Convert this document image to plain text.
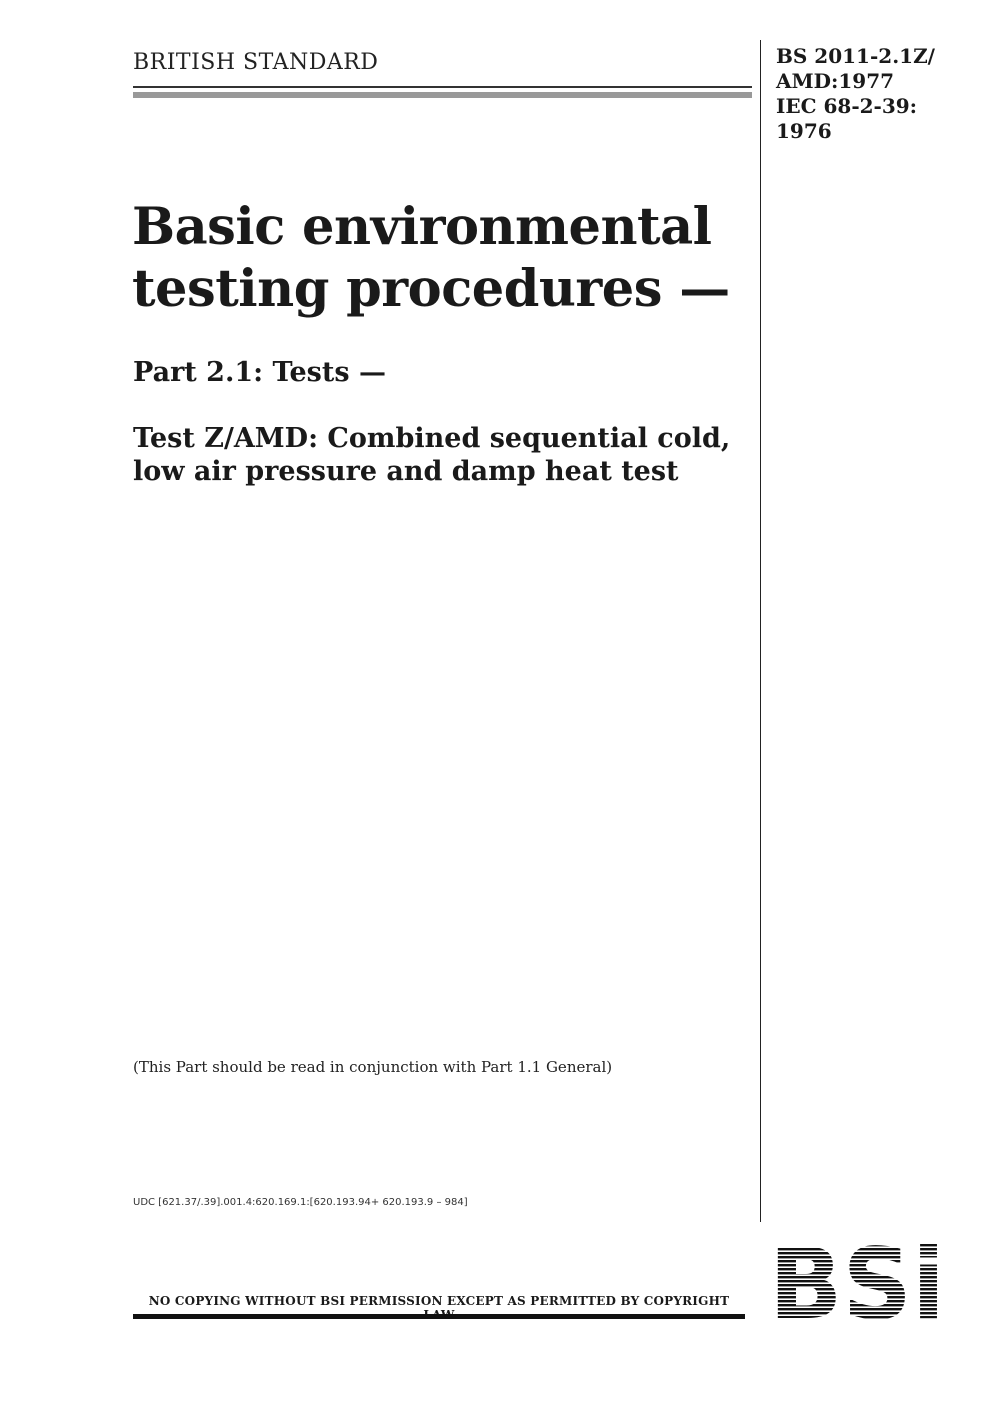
BRITISH STANDARD	BS 2011-2.1Z/
AMD:1977
IEC 68-2-39:
1976
Basic environmental
testing procedures —
Part 2.1: Tests —
Test Z/AMD: Combined sequential cold,
low air pressure and damp heat test
(This Part should be read in conjunction with Part 1.1 General)
UDC [621.37/.39].001.4:620.169.1:[620.193.94+ 620.193.9 – 984]
NO COPYING WITHOUT BSI PERMISSION EXCEPT AS PERMITTED BY COPYRIGHT BSi
